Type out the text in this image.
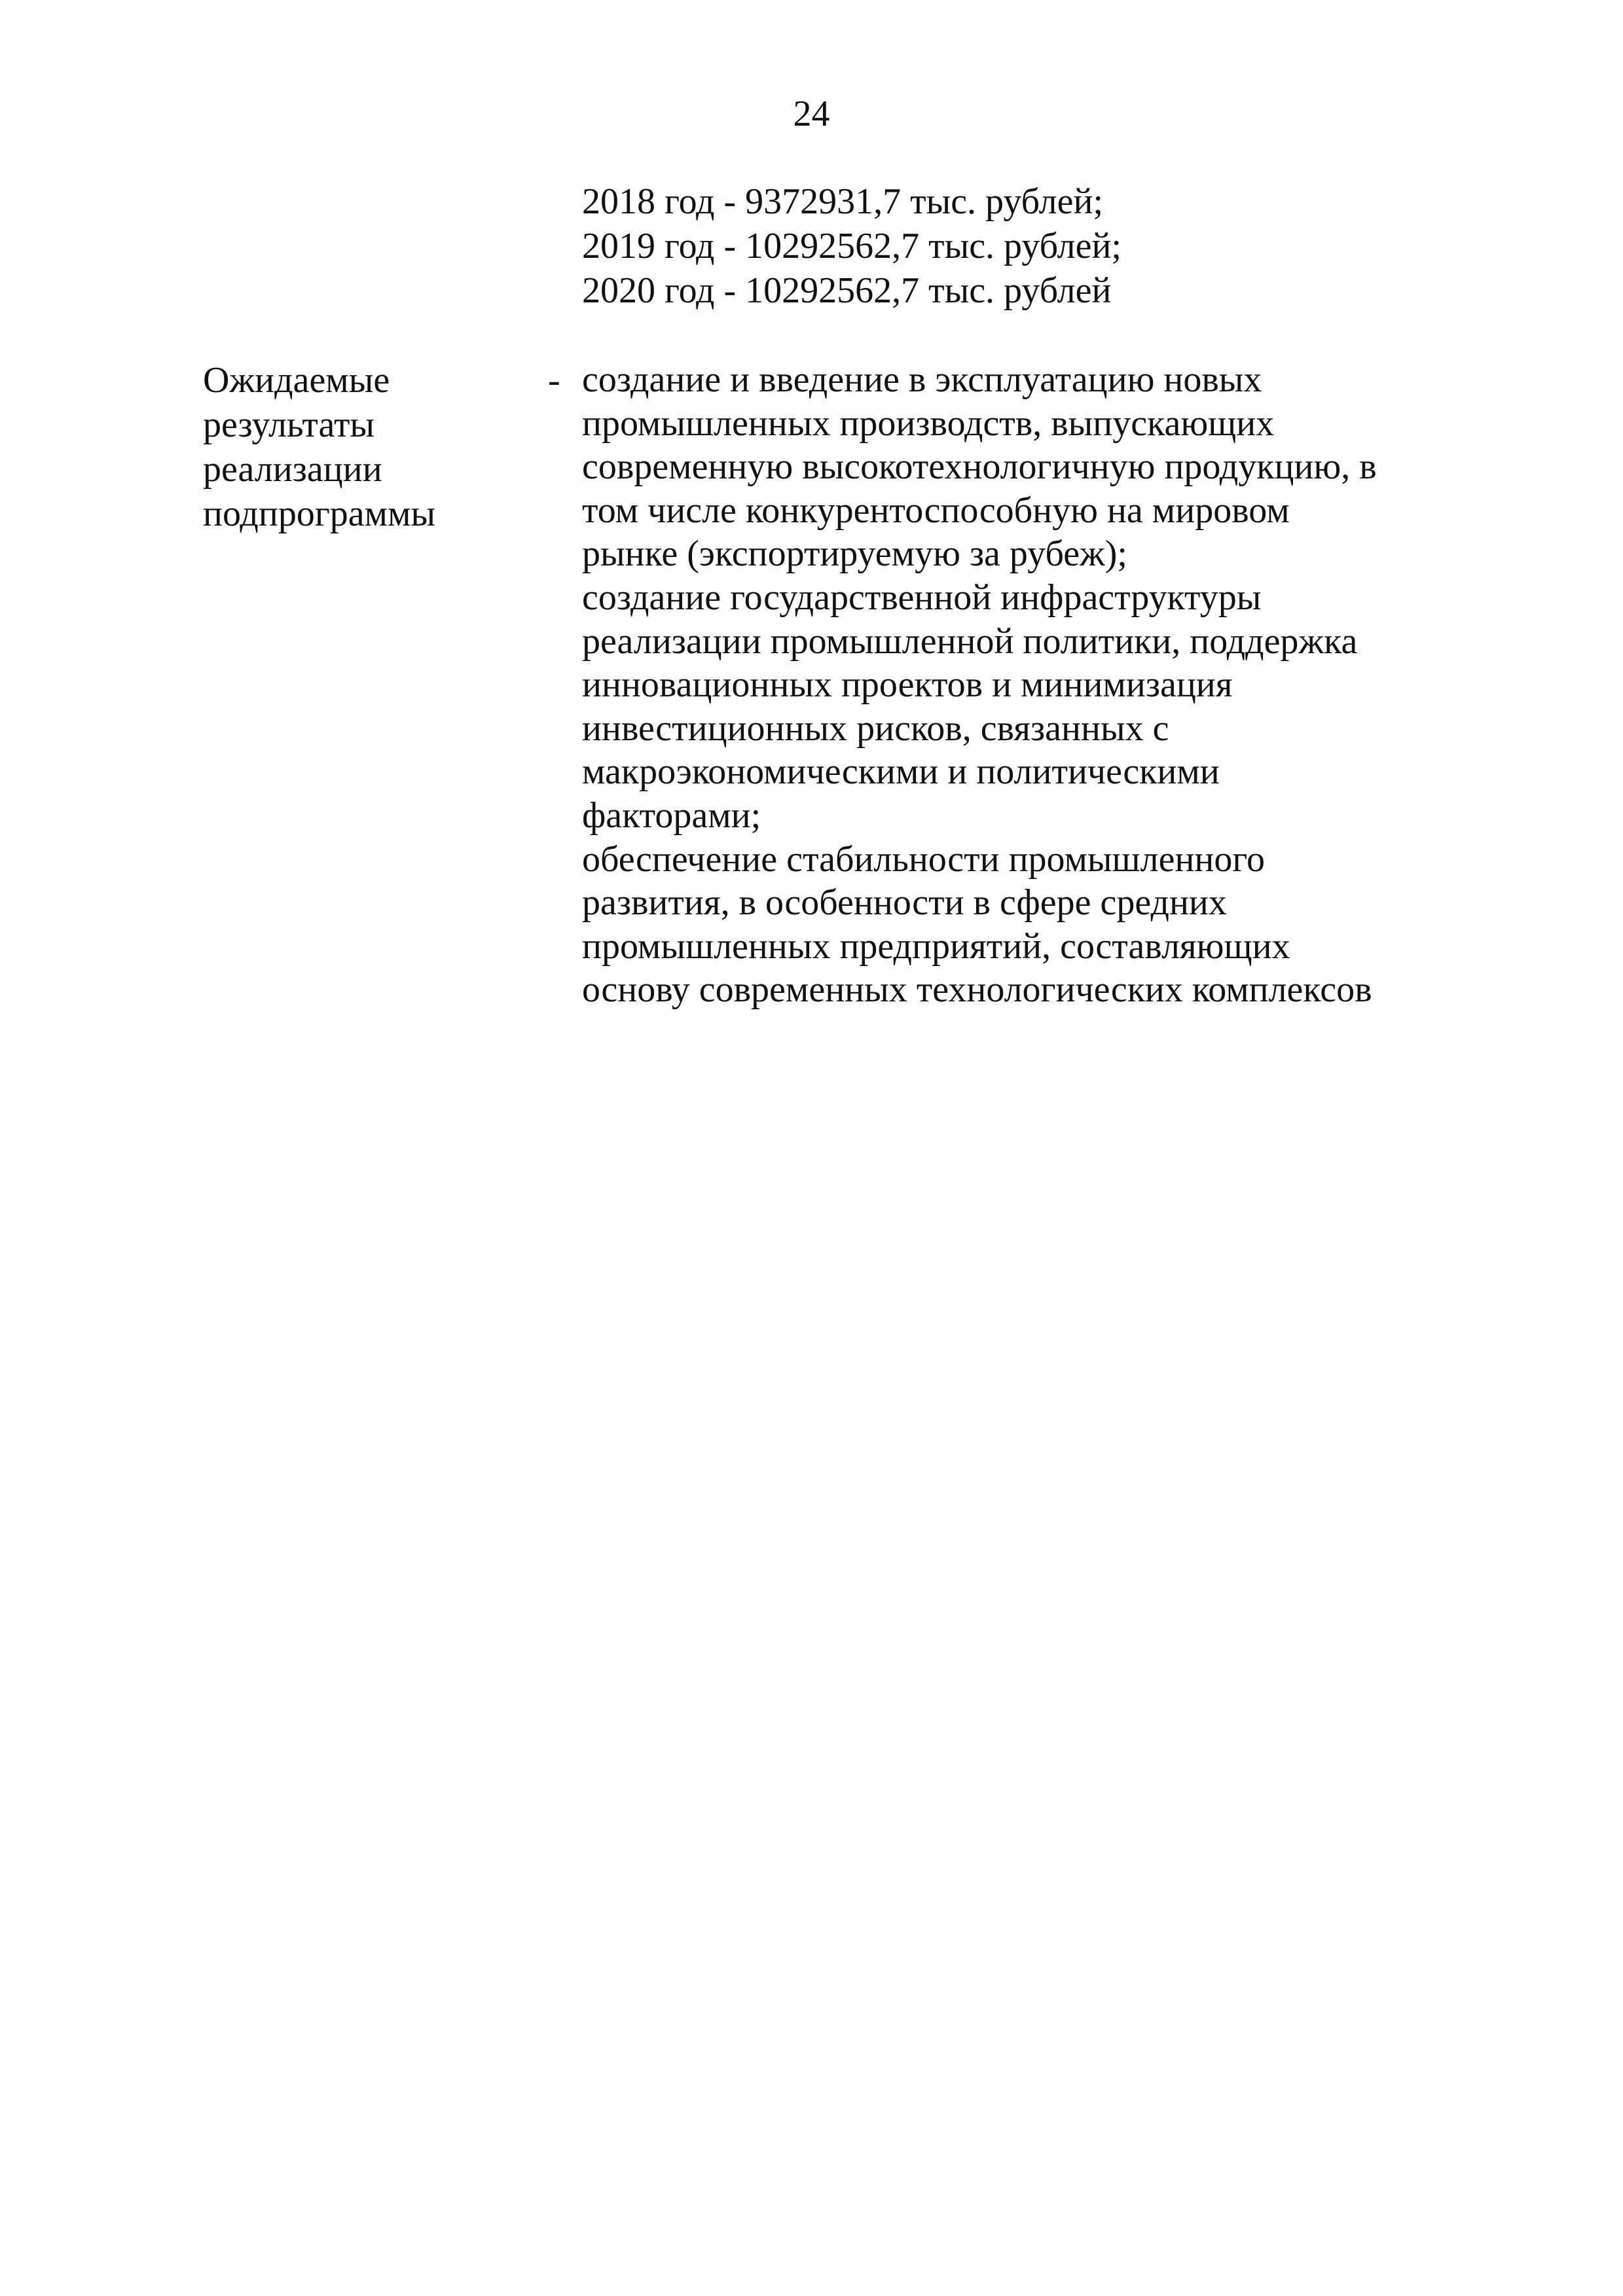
24
2018 год - 9372931,7 тыс. рублей;
2019 год - 10292562,7 тыс. рублей;
2020 год - 10292562,7 тыс. рублей
Ожидаемые
результаты
реализации
подпрограммы
- создание и введение в эксплуатацию новых
промышленных производств, выпускающих
современную высокотехнологичную продукцию, в
том числе конкурентоспособную на мировом
рынке (экспортируемую за рубеж);
создание государственной инфраструктуры
реализации промышленной политики, поддержка
инновационных проектов и минимизация
инвестиционных рисков, связанных с
макроэкономическими и политическими
факторами;
обеспечение стабильности промышленного
развития, в особенности в сфере средних
промышленных предприятий, составляющих
основу современных технологических комплексов
